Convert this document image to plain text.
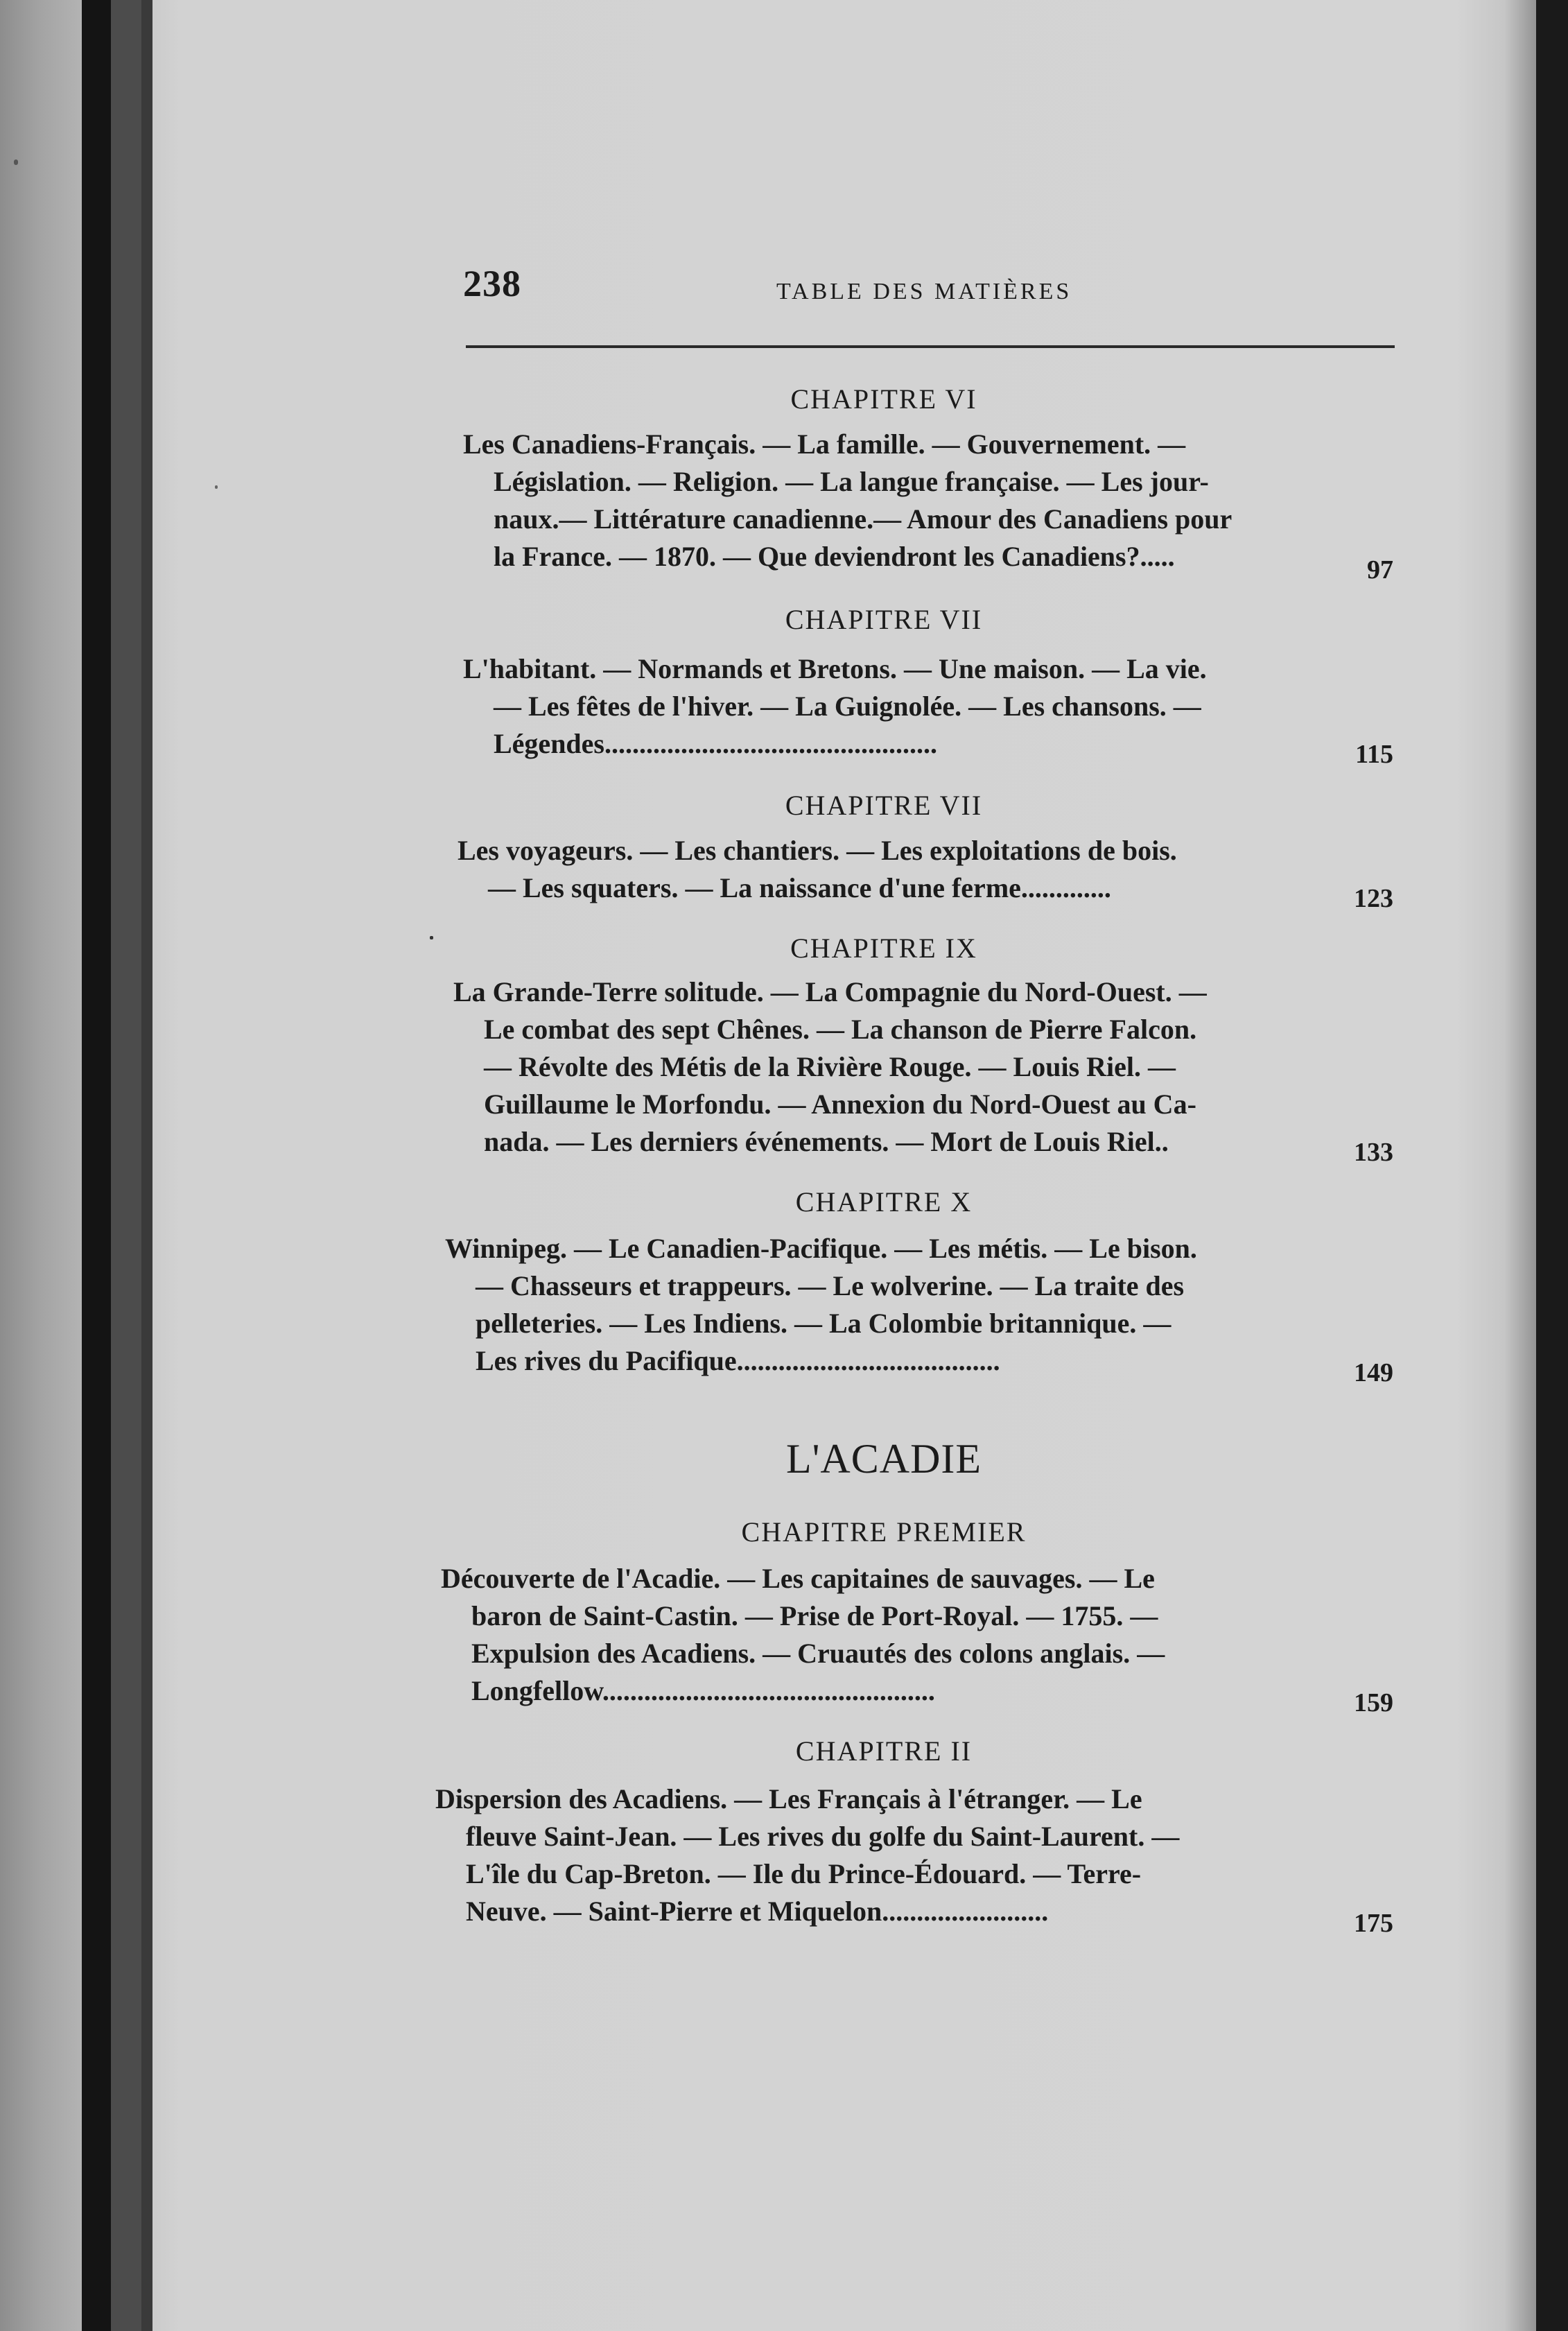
238	TABLE DES MATIÈRES
CHAPITRE VI

Les Canadiens-Français. — La famille. — Gouvernement. —

Législation. — Religion. — La langue française. — Les jour-

naux.— Littérature canadienne.— Amour des Canadiens pour

la France. — 1870. — Que deviendront les Canadiens?.....	97
CHAPITRE VII

L'habitant. — Normands et Bretons. — Une maison. — La vie.

— Les fêtes de l'hiver. — La Guignolée. — Les chansons. —

Légendes................................................	115
CHAPITRE VII

Les voyageurs. — Les chantiers. — Les exploitations de bois.

— Les squaters. — La naissance d'une ferme.............	123
CHAPITRE IX

La Grande-Terre solitude. — La Compagnie du Nord-Ouest. —

Le combat des sept Chênes. — La chanson de Pierre Falcon.

— Révolte des Métis de la Rivière Rouge. — Louis Riel. —

Guillaume le Morfondu. — Annexion du Nord-Ouest au Ca-

nada. — Les derniers événements. — Mort de Louis Riel..	133
CHAPITRE X

Winnipeg. — Le Canadien-Pacifique. — Les métis. — Le bison.

— Chasseurs et trappeurs. — Le wolverine. — La traite des

pelleteries. — Les Indiens. — La Colombie britannique. —

Les rives du Pacifique......................................	149
L'ACADIE
CHAPITRE PREMIER

Découverte de l'Acadie. — Les capitaines de sauvages. — Le

baron de Saint-Castin. — Prise de Port-Royal. — 1755. —

Expulsion des Acadiens. — Cruautés des colons anglais. —

Longfellow................................................	159
CHAPITRE II

Dispersion des Acadiens. — Les Français à l'étranger. — Le

fleuve Saint-Jean. — Les rives du golfe du Saint-Laurent. —

L'île du Cap-Breton. — Ile du Prince-Édouard. — Terre-

Neuve. — Saint-Pierre et Miquelon........................	175
